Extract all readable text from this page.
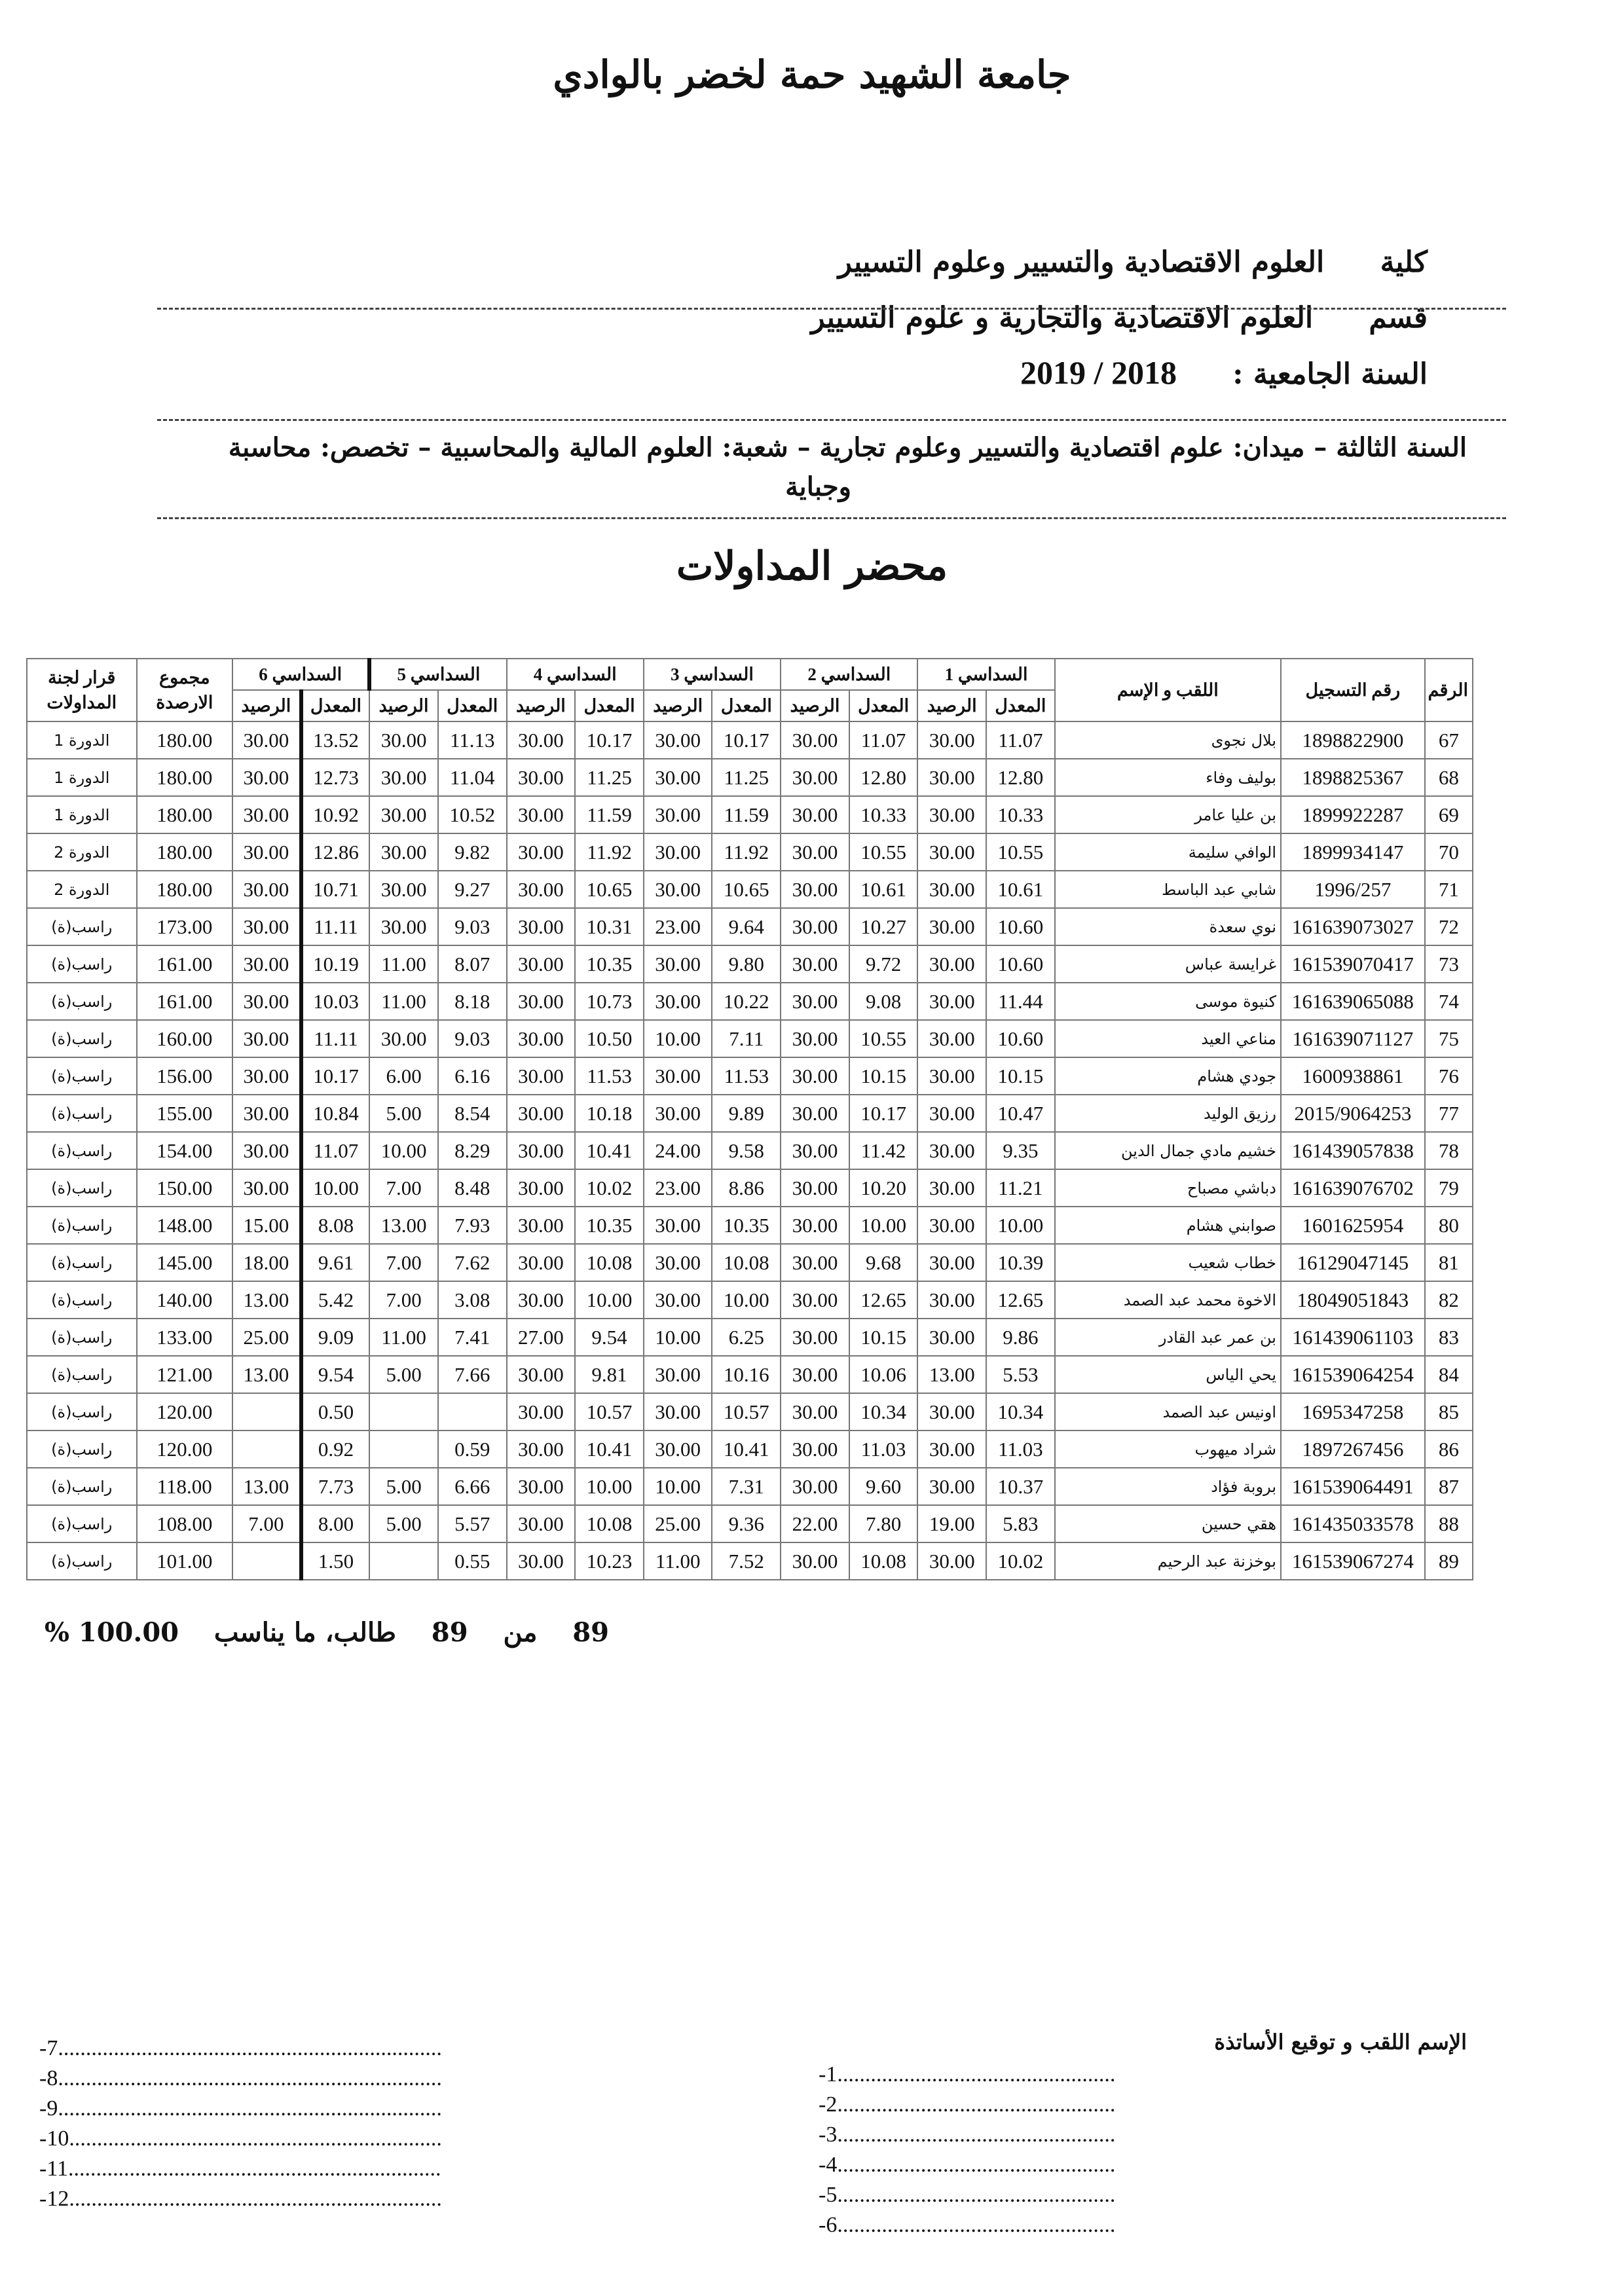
جامعة الشهيد حمة لخضر بالوادي
كلية العلوم الاقتصادية والتسيير وعلوم التسيير
قسم العلوم الاقتصادية والتجارية و علوم التسيير
السنة الجامعية : 2018 / 2019
السنة الثالثة – ميدان: علوم اقتصادية والتسيير وعلوم تجارية – شعبة: العلوم المالية والمحاسبية – تخصص: محاسبة
وجباية
محضر المداولات
الرقم	رقم التسجيل	اللقب و الإسم	السداسي 1		السداسي 2		السداسي 3		السداسي 4		السداسي 5		السداسي 6		مجموع الارصدة	قرار لجنة المداولات
			المعدل	الرصيد	المعدل	الرصيد	المعدل	الرصيد	المعدل	الرصيد	المعدل	الرصيد	المعدل	الرصيد		
67	1898822900	بلال نجوى	11.07	30.00	11.07	30.00	10.17	30.00	10.17	30.00	11.13	30.00	13.52	30.00	180.00	الدورة 1
68	1898825367	بوليف وفاء	12.80	30.00	12.80	30.00	11.25	30.00	11.25	30.00	11.04	30.00	12.73	30.00	180.00	الدورة 1
69	1899922287	بن عليا عامر	10.33	30.00	10.33	30.00	11.59	30.00	11.59	30.00	10.52	30.00	10.92	30.00	180.00	الدورة 1
70	1899934147	الوافي سليمة	10.55	30.00	10.55	30.00	11.92	30.00	11.92	30.00	9.82	30.00	12.86	30.00	180.00	الدورة 2
71	1996/257	شابي عبد الباسط	10.61	30.00	10.61	30.00	10.65	30.00	10.65	30.00	9.27	30.00	10.71	30.00	180.00	الدورة 2
72	161639073027	نوي سعدة	10.60	30.00	10.27	30.00	9.64	23.00	10.31	30.00	9.03	30.00	11.11	30.00	173.00	راسب(ة)
73	161539070417	غرايسة عباس	10.60	30.00	9.72	30.00	9.80	30.00	10.35	30.00	8.07	11.00	10.19	30.00	161.00	راسب(ة)
74	161639065088	كنيوة موسى	11.44	30.00	9.08	30.00	10.22	30.00	10.73	30.00	8.18	11.00	10.03	30.00	161.00	راسب(ة)
75	161639071127	مناعي العيد	10.60	30.00	10.55	30.00	7.11	10.00	10.50	30.00	9.03	30.00	11.11	30.00	160.00	راسب(ة)
76	1600938861	جودي هشام	10.15	30.00	10.15	30.00	11.53	30.00	11.53	30.00	6.16	6.00	10.17	30.00	156.00	راسب(ة)
77	2015/9064253	رزيق الوليد	10.47	30.00	10.17	30.00	9.89	30.00	10.18	30.00	8.54	5.00	10.84	30.00	155.00	راسب(ة)
78	161439057838	خشيم مادي جمال الدين	9.35	30.00	11.42	30.00	9.58	24.00	10.41	30.00	8.29	10.00	11.07	30.00	154.00	راسب(ة)
79	161639076702	دباشي مصباح	11.21	30.00	10.20	30.00	8.86	23.00	10.02	30.00	8.48	7.00	10.00	30.00	150.00	راسب(ة)
80	1601625954	صوابني هشام	10.00	30.00	10.00	30.00	10.35	30.00	10.35	30.00	7.93	13.00	8.08	15.00	148.00	راسب(ة)
81	16129047145	خطاب شعيب	10.39	30.00	9.68	30.00	10.08	30.00	10.08	30.00	7.62	7.00	9.61	18.00	145.00	راسب(ة)
82	18049051843	الاخوة محمد عبد الصمد	12.65	30.00	12.65	30.00	10.00	30.00	10.00	30.00	3.08	7.00	5.42	13.00	140.00	راسب(ة)
83	161439061103	بن عمر عبد القادر	9.86	30.00	10.15	30.00	6.25	10.00	9.54	27.00	7.41	11.00	9.09	25.00	133.00	راسب(ة)
84	161539064254	يحي الياس	5.53	13.00	10.06	30.00	10.16	30.00	9.81	30.00	7.66	5.00	9.54	13.00	121.00	راسب(ة)
85	1695347258	اونيس عبد الصمد	10.34	30.00	10.34	30.00	10.57	30.00	10.57	30.00			0.50		120.00	راسب(ة)
86	1897267456	شراد ميهوب	11.03	30.00	11.03	30.00	10.41	30.00	10.41	30.00	0.59		0.92		120.00	راسب(ة)
87	161539064491	بروبة فؤاد	10.37	30.00	9.60	30.00	7.31	10.00	10.00	30.00	6.66	5.00	7.73	13.00	118.00	راسب(ة)
88	161435033578	هقي حسين	5.83	19.00	7.80	22.00	9.36	25.00	10.08	30.00	5.57	5.00	8.00	7.00	108.00	راسب(ة)
89	161539067274	بوخزنة عبد الرحيم	10.02	30.00	10.08	30.00	7.52	11.00	10.23	30.00	0.55		1.50		101.00	راسب(ة)
89 من 89 طالب، ما يناسب 100.00 %
الإسم اللقب و توقيع الأساتذة
-1..................................................
-2..................................................
-3..................................................
-4..................................................
-5..................................................
-6..................................................
-7.....................................................................
-8.....................................................................
-9.....................................................................
-10...................................................................
-11...................................................................
-12...................................................................
